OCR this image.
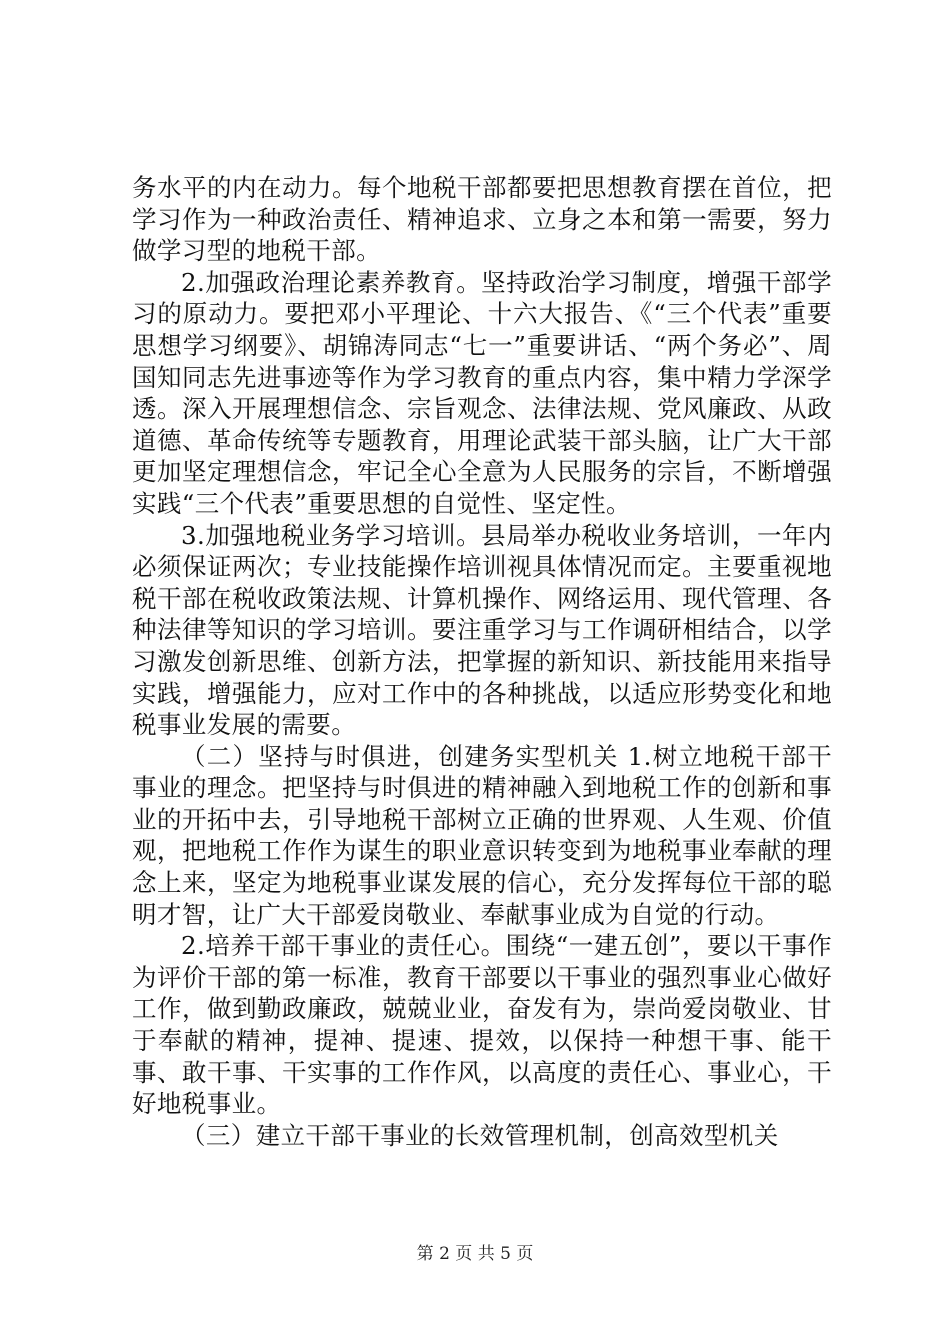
务水平的内在动力。每个地税干部都要把思想教育摆在首位，把学习作为一种政治责任、精神追求、立身之本和第一需要，努力做学习型的地税干部。

2.加强政治理论素养教育。坚持政治学习制度，增强干部学习的原动力。要把邓小平理论、十六大报告、《“三个代表”重要思想学习纲要》、胡锦涛同志“七一”重要讲话、“两个务必”、周国知同志先进事迹等作为学习教育的重点内容，集中精力学深学透。深入开展理想信念、宗旨观念、法律法规、党风廉政、从政道德、革命传统等专题教育，用理论武装干部头脑，让广大干部更加坚定理想信念，牢记全心全意为人民服务的宗旨，不断增强实践“三个代表”重要思想的自觉性、坚定性。

3.加强地税业务学习培训。县局举办税收业务培训，一年内必须保证两次；专业技能操作培训视具体情况而定。主要重视地税干部在税收政策法规、计算机操作、网络运用、现代管理、各种法律等知识的学习培训。要注重学习与工作调研相结合，以学习激发创新思维、创新方法，把掌握的新知识、新技能用来指导实践，增强能力，应对工作中的各种挑战，以适应形势变化和地税事业发展的需要。

（二）坚持与时俱进，创建务实型机关 1.树立地税干部干事业的理念。把坚持与时俱进的精神融入到地税工作的创新和事业的开拓中去，引导地税干部树立正确的世界观、人生观、价值观，把地税工作作为谋生的职业意识转变到为地税事业奉献的理念上来，坚定为地税事业谋发展的信心，充分发挥每位干部的聪明才智，让广大干部爱岗敬业、奉献事业成为自觉的行动。

2.培养干部干事业的责任心。围绕“一建五创”，要以干事作为评价干部的第一标准，教育干部要以干事业的强烈事业心做好工作，做到勤政廉政，兢兢业业，奋发有为，崇尚爱岗敬业、甘于奉献的精神，提神、提速、提效，以保持一种想干事、能干事、敢干事、干实事的工作作风，以高度的责任心、事业心，干好地税事业。

（三）建立干部干事业的长效管理机制，创高效型机关

第 2 页 共 5 页
